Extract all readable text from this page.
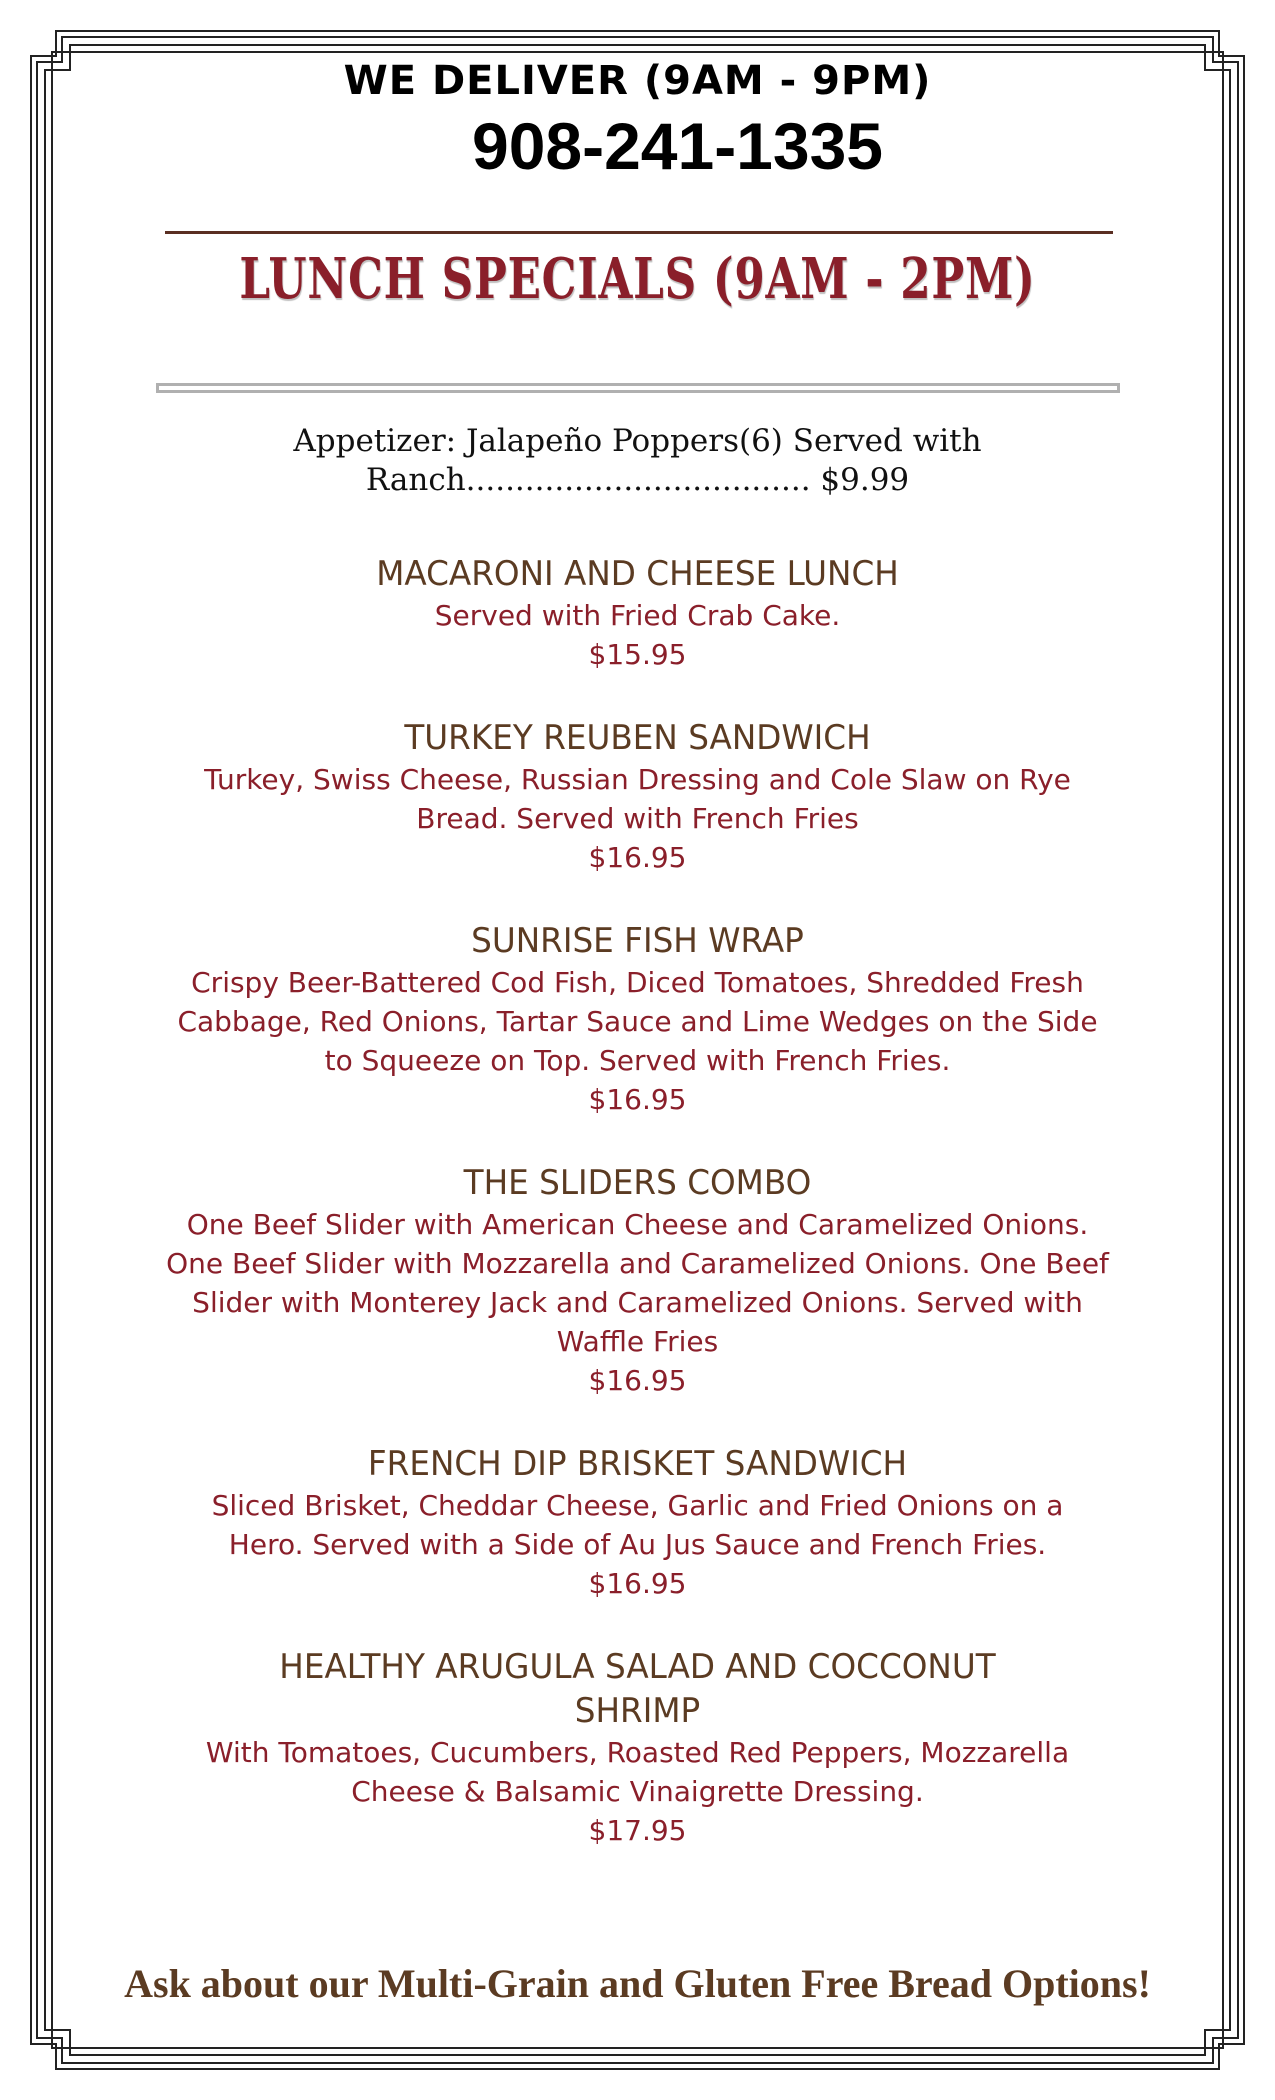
WE DELIVER (9AM - 9PM)
908-241-1335
LUNCH SPECIALS (9AM - 2PM)
Appetizer: Jalapeño Poppers(6) Served with
Ranch................................... $9.99
MACARONI AND CHEESE LUNCH
Served with Fried Crab Cake.
$15.95
TURKEY REUBEN SANDWICH
Turkey, Swiss Cheese, Russian Dressing and Cole Slaw on Rye Bread. Served with French Fries
$16.95
SUNRISE FISH WRAP
Crispy Beer-Battered Cod Fish, Diced Tomatoes, Shredded Fresh Cabbage, Red Onions, Tartar Sauce and Lime Wedges on the Side to Squeeze on Top. Served with French Fries.
$16.95
THE SLIDERS COMBO
One Beef Slider with American Cheese and Caramelized Onions. One Beef Slider with Mozzarella and Caramelized Onions. One Beef Slider with Monterey Jack and Caramelized Onions. Served with Waffle Fries
$16.95
FRENCH DIP BRISKET SANDWICH
Sliced Brisket, Cheddar Cheese, Garlic and Fried Onions on a Hero. Served with a Side of Au Jus Sauce and French Fries.
$16.95
HEALTHY ARUGULA SALAD AND COCCONUT SHRIMP
With Tomatoes, Cucumbers, Roasted Red Peppers, Mozzarella Cheese & Balsamic Vinaigrette Dressing.
$17.95
Ask about our Multi-Grain and Gluten Free Bread Options!
